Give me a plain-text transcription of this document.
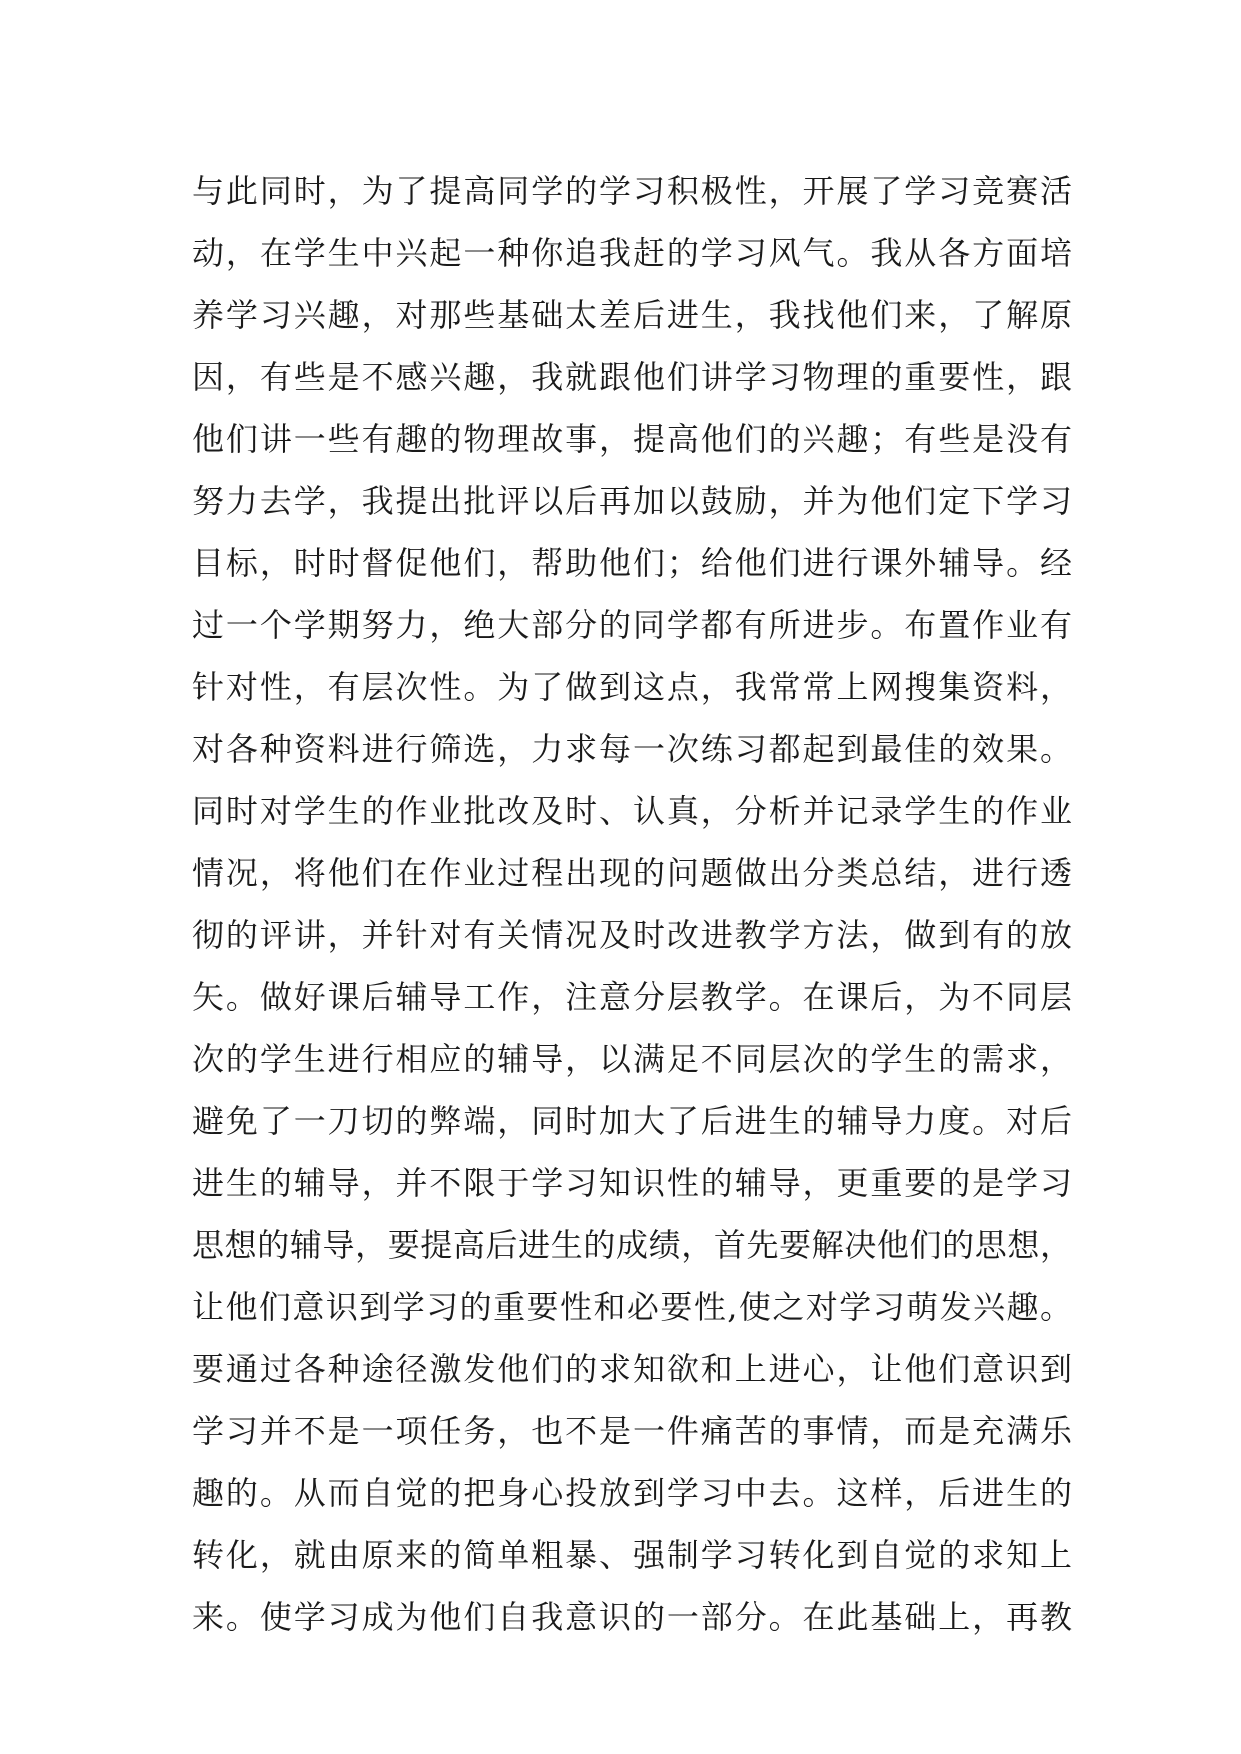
与此同时，为了提高同学的学习积极性，开展了学习竞赛活
动，在学生中兴起一种你追我赶的学习风气。我从各方面培
养学习兴趣，对那些基础太差后进生，我找他们来，了解原
因，有些是不感兴趣，我就跟他们讲学习物理的重要性，跟
他们讲一些有趣的物理故事，提高他们的兴趣；有些是没有
努力去学，我提出批评以后再加以鼓励，并为他们定下学习
目标，时时督促他们，帮助他们；给他们进行课外辅导。经
过一个学期努力，绝大部分的同学都有所进步。布置作业有
针对性，有层次性。为了做到这点，我常常上网搜集资料，
对各种资料进行筛选，力求每一次练习都起到最佳的效果。
同时对学生的作业批改及时、认真，分析并记录学生的作业
情况，将他们在作业过程出现的问题做出分类总结，进行透
彻的评讲，并针对有关情况及时改进教学方法，做到有的放
矢。做好课后辅导工作，注意分层教学。在课后，为不同层
次的学生进行相应的辅导，以满足不同层次的学生的需求，
避免了一刀切的弊端，同时加大了后进生的辅导力度。对后
进生的辅导，并不限于学习知识性的辅导，更重要的是学习
思想的辅导，要提高后进生的成绩，首先要解决他们的思想，
让他们意识到学习的重要性和必要性,使之对学习萌发兴趣。
要通过各种途径激发他们的求知欲和上进心，让他们意识到
学习并不是一项任务，也不是一件痛苦的事情，而是充满乐
趣的。从而自觉的把身心投放到学习中去。这样，后进生的
转化，就由原来的简单粗暴、强制学习转化到自觉的求知上
来。使学习成为他们自我意识的一部分。在此基础上，再教
